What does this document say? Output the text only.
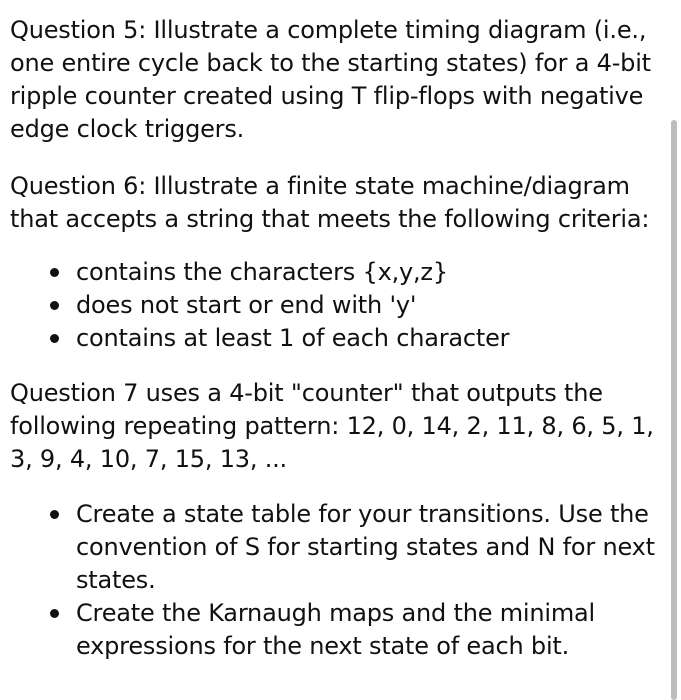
Question 5: Illustrate a complete timing diagram (i.e., one entire cycle back to the starting states) for a 4-bit ripple counter created using T flip-flops with negative edge clock triggers.

Question 6: Illustrate a finite state machine/diagram that accepts a string that meets the following criteria:

contains the characters {x,y,z}
does not start or end with 'y'
contains at least 1 of each character

Question 7 uses a 4-bit "counter" that outputs the following repeating pattern: 12, 0, 14, 2, 11, 8, 6, 5, 1, 3, 9, 4, 10, 7, 15, 13, ...

Create a state table for your transitions. Use the convention of S for starting states and N for next states.
Create the Karnaugh maps and the minimal expressions for the next state of each bit.
